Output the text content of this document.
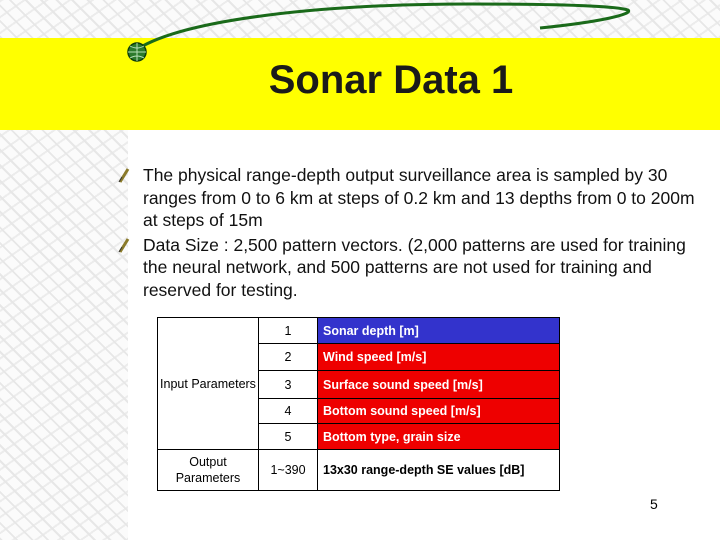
Sonar Data 1
The physical range-depth output surveillance area is sampled by 30 ranges from 0 to 6 km at steps of 0.2 km and 13 depths from 0 to 200m at steps of 15m
Data Size : 2,500 pattern vectors. (2,000 patterns are used for training the neural network, and 500 patterns are not used for training and reserved for testing.
Input Parameters	1	Sonar depth [m]
	2	Wind speed [m/s]
	3	Surface sound speed [m/s]
	4	Bottom sound speed [m/s]
	5	Bottom type, grain size
Output Parameters	1~390	13x30 range-depth SE values [dB]
5
